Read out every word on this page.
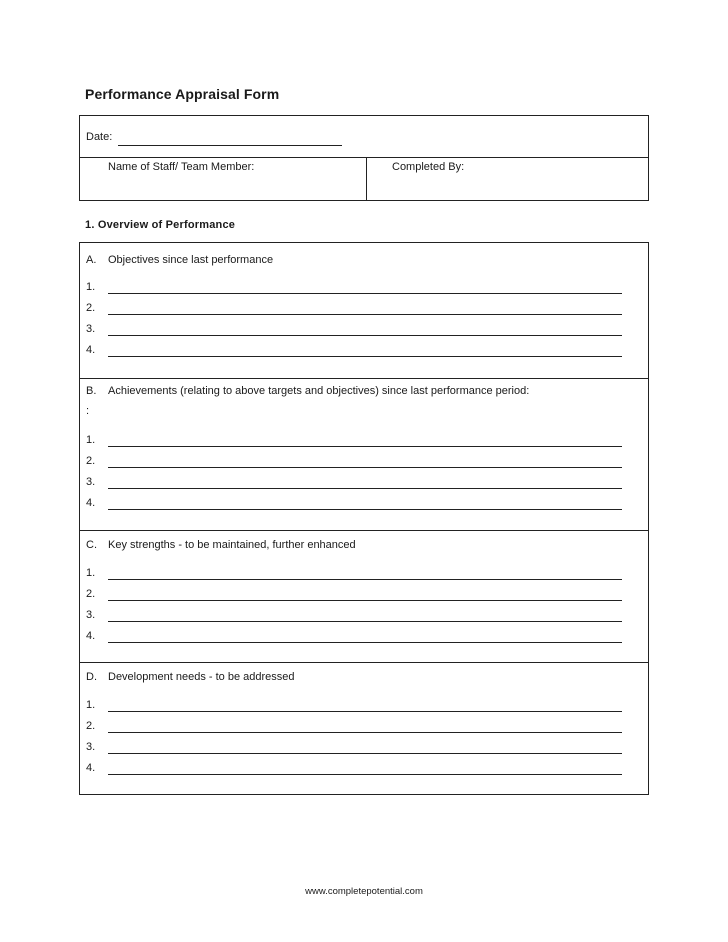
Performance Appraisal Form
Date:
Name of Staff/ Team Member:	Completed By:
1. Overview of Performance
A. Objectives since last performance
1.
2.
3.
4.
B. Achievements (relating to above targets and objectives) since last performance period:
:
1.
2.
3.
4.
C. Key strengths - to be maintained, further enhanced
1.
2.
3.
4.
D. Development needs - to be addressed
1.
2.
3.
4.
www.completepotential.com
